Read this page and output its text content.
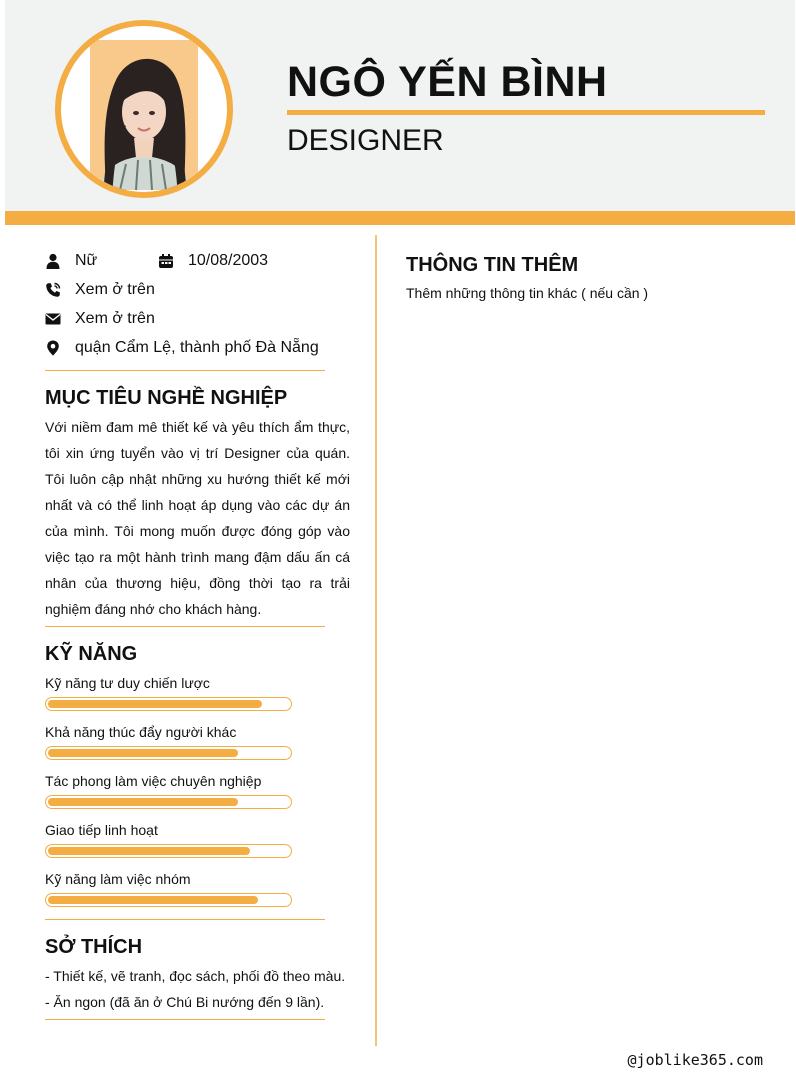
NGÔ YẾN BÌNH
DESIGNER
Nữ	10/08/2003
Xem ở trên
Xem ở trên
quận Cẩm Lệ, thành phố Đà Nẵng
MỤC TIÊU NGHỀ NGHIỆP

Với niềm đam mê thiết kế và yêu thích ẩm thực, tôi xin ứng tuyển vào vị trí Designer của quán. Tôi luôn cập nhật những xu hướng thiết kế mới nhất và có thể linh hoạt áp dụng vào các dự án của mình. Tôi mong muốn được đóng góp vào việc tạo ra một hành trình mang đậm dấu ấn cá nhân của thương hiệu, đồng thời tạo ra trải nghiệm đáng nhớ cho khách hàng.

KỸ NĂNG
Kỹ năng tư duy chiến lược
Khả năng thúc đẩy người khác
Tác phong làm việc chuyên nghiệp
Giao tiếp linh hoạt
Kỹ năng làm việc nhóm
SỞ THÍCH
- Thiết kế, vẽ tranh, đọc sách, phối đồ theo màu.
- Ăn ngon (đã ăn ở Chú Bi nướng đến 9 lần).
THÔNG TIN THÊM
Thêm những thông tin khác ( nếu cần )
@joblike365.com
